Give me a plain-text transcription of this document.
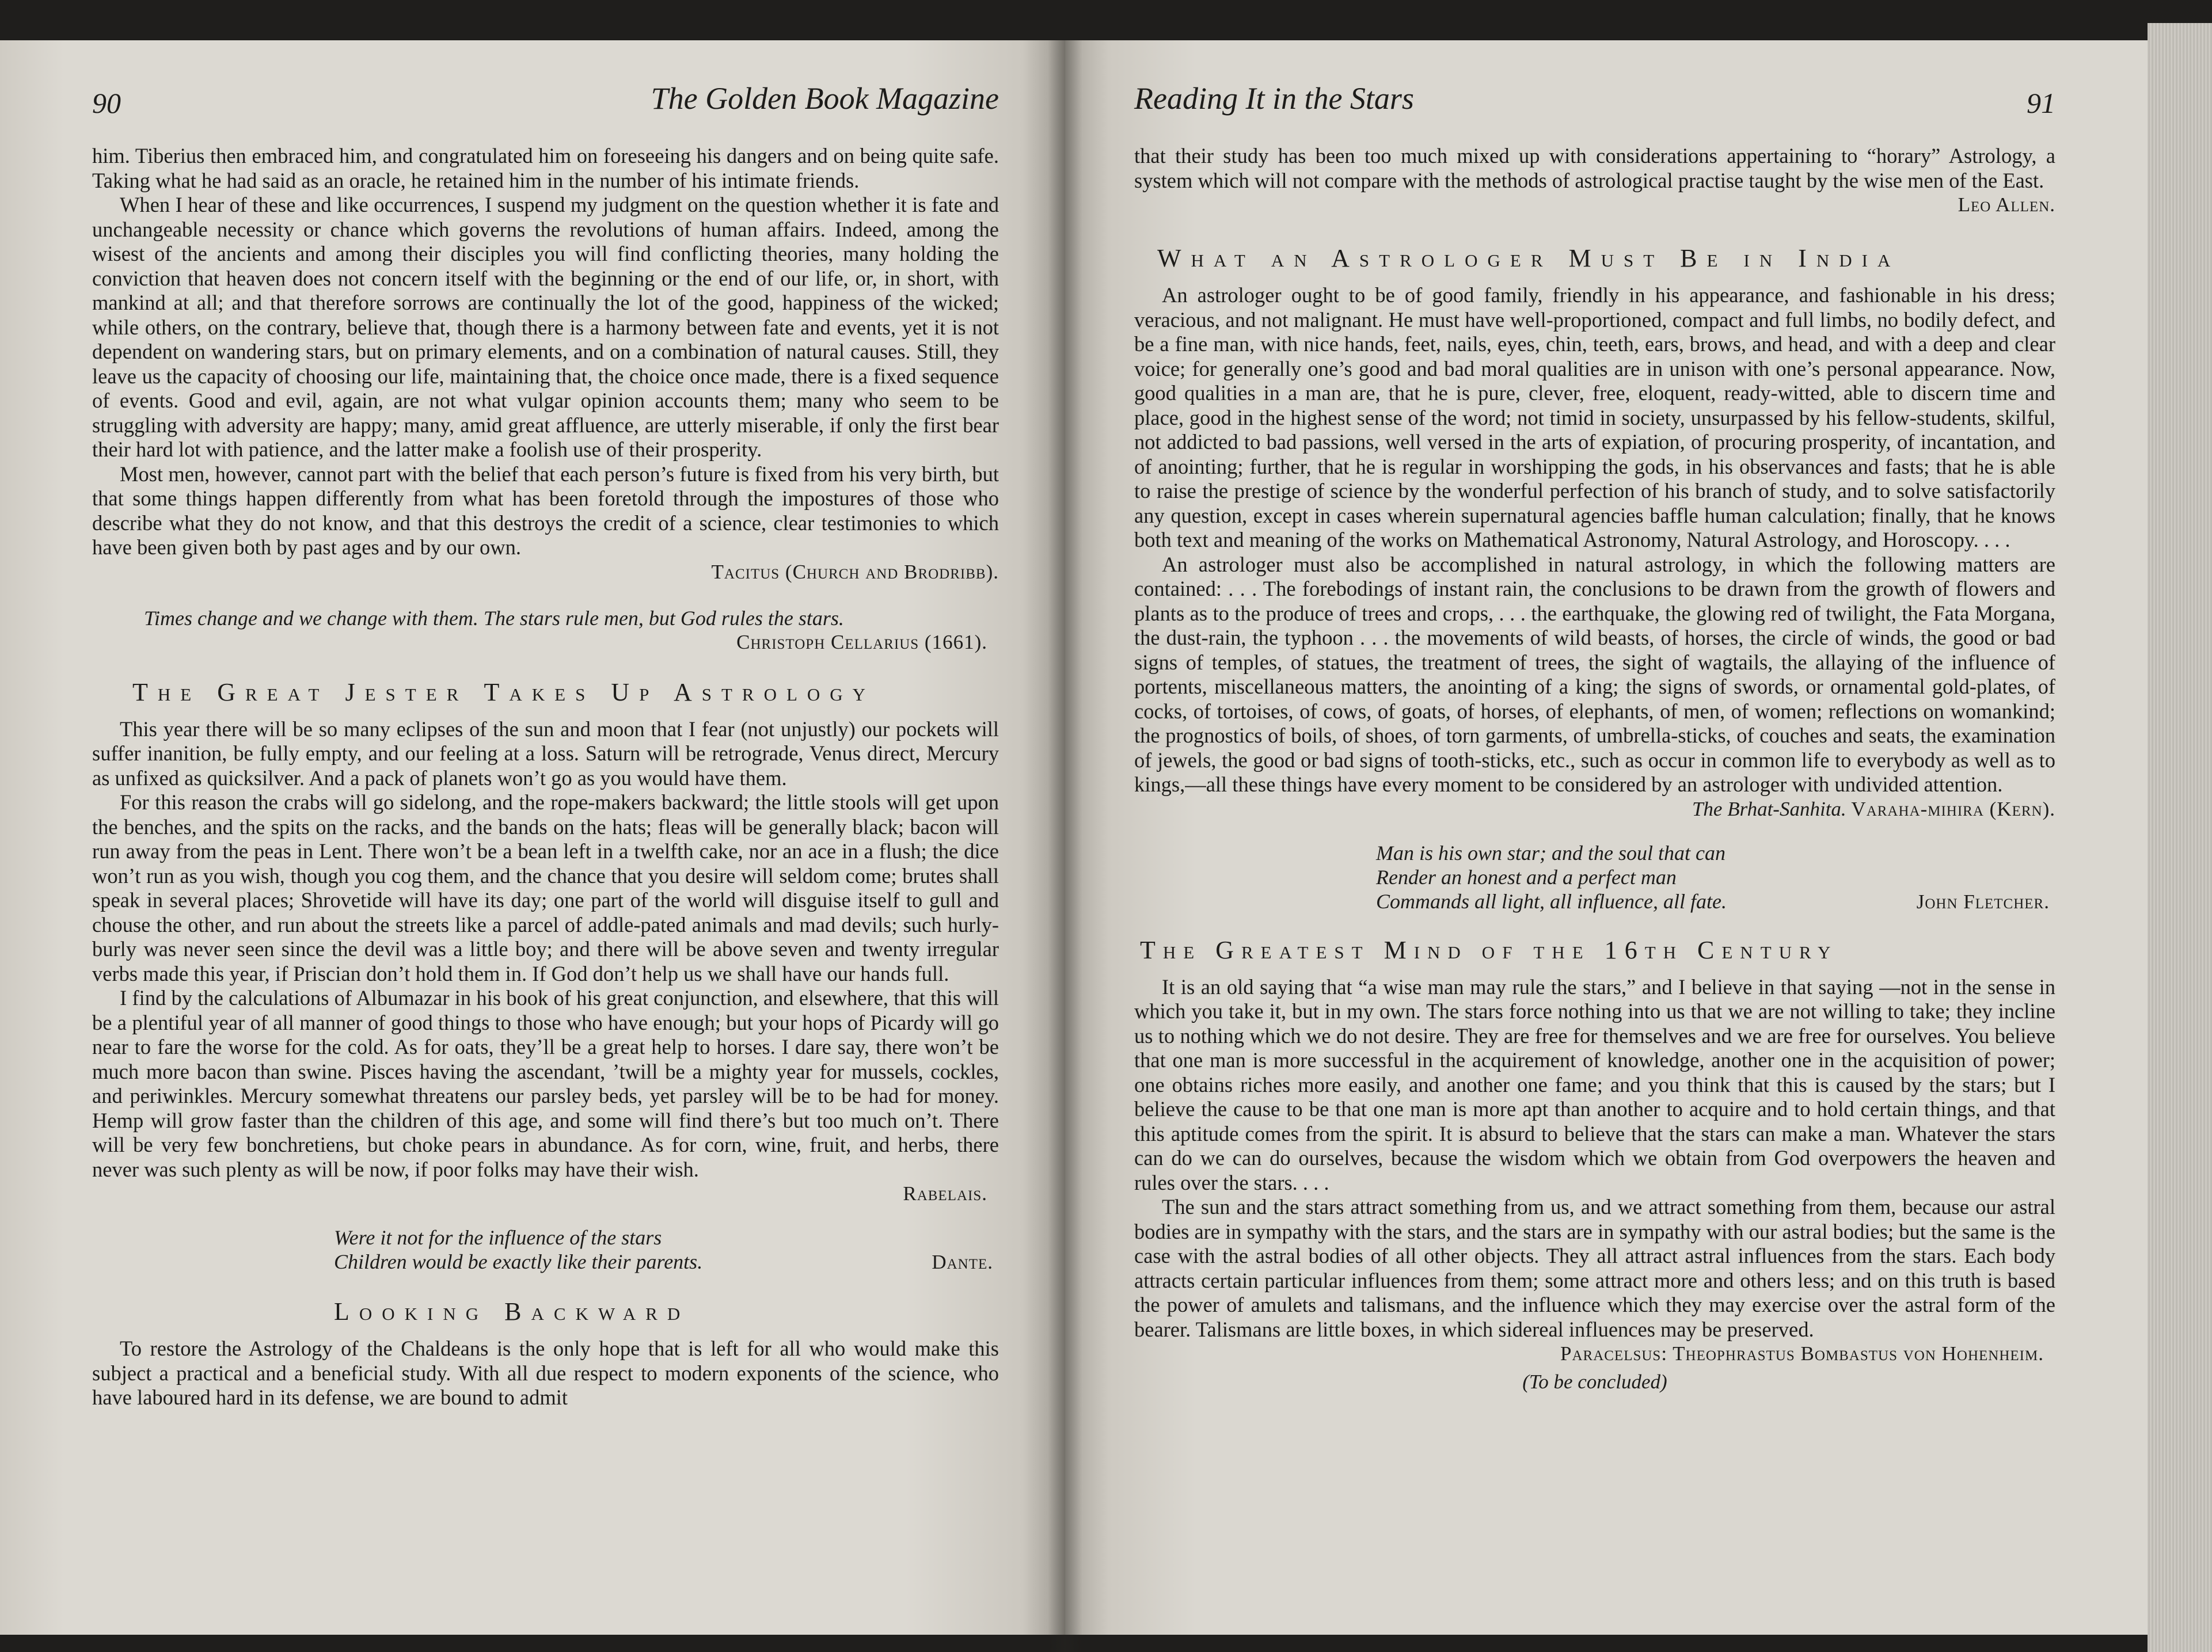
90	The Golden Book Magazine

him. Tiberius then embraced him, and congratulated him on foreseeing his dangers and on being quite safe. Taking what he had said as an oracle, he retained him in the number of his intimate friends.

When I hear of these and like occurrences, I suspend my judgment on the question whether it is fate and unchangeable necessity or chance which governs the revolutions of human affairs. Indeed, among the wisest of the ancients and among their disciples you will find conflicting theories, many holding the conviction that heaven does not concern itself with the beginning or the end of our life, or, in short, with mankind at all; and that therefore sorrows are continually the lot of the good, happiness of the wicked; while others, on the contrary, believe that, though there is a harmony between fate and events, yet it is not dependent on wandering stars, but on primary elements, and on a combination of natural causes. Still, they leave us the capacity of choosing our life, maintaining that, the choice once made, there is a fixed sequence of events. Good and evil, again, are not what vulgar opinion accounts them; many who seem to be struggling with adversity are happy; many, amid great affluence, are utterly miserable, if only the first bear their hard lot with patience, and the latter make a foolish use of their prosperity.

Most men, however, cannot part with the belief that each person’s future is fixed from his very birth, but that some things happen differently from what has been foretold through the impostures of those who describe what they do not know, and that this destroys the credit of a science, clear testimonies to which have been given both by past ages and by our own.

Tacitus (Church and Brodribb).
Times change and we change with them. The stars rule men, but God rules the stars.
Christoph Cellarius (1661).
The Great Jester Takes Up Astrology

This year there will be so many eclipses of the sun and moon that I fear (not unjustly) our pockets will suffer inanition, be fully empty, and our feeling at a loss. Saturn will be retrograde, Venus direct, Mercury as unfixed as quicksilver. And a pack of planets won’t go as you would have them.

For this reason the crabs will go sidelong, and the rope-makers backward; the little stools will get upon the benches, and the spits on the racks, and the bands on the hats; fleas will be generally black; bacon will run away from the peas in Lent. There won’t be a bean left in a twelfth cake, nor an ace in a flush; the dice won’t run as you wish, though you cog them, and the chance that you desire will seldom come; brutes shall speak in several places; Shrovetide will have its day; one part of the world will disguise itself to gull and chouse the other, and run about the streets like a parcel of addle-pated animals and mad devils; such hurly-burly was never seen since the devil was a little boy; and there will be above seven and twenty irregular verbs made this year, if Priscian don’t hold them in. If God don’t help us we shall have our hands full.

I find by the calculations of Albumazar in his book of his great conjunction, and elsewhere, that this will be a plentiful year of all manner of good things to those who have enough; but your hops of Picardy will go near to fare the worse for the cold. As for oats, they’ll be a great help to horses. I dare say, there won’t be much more bacon than swine. Pisces having the ascendant, ’twill be a mighty year for mussels, cockles, and periwinkles. Mercury somewhat threatens our parsley beds, yet parsley will be to be had for money. Hemp will grow faster than the children of this age, and some will find there’s but too much on’t. There will be very few bonchretiens, but choke pears in abundance. As for corn, wine, fruit, and herbs, there never was such plenty as will be now, if poor folks may have their wish.

Rabelais.
Were it not for the influence of the stars
Children would be exactly like their parents.	Dante.
Looking Backward

To restore the Astrology of the Chaldeans is the only hope that is left for all who would make this subject a practical and a beneficial study. With all due respect to modern exponents of the science, who have laboured hard in its defense, we are bound to admit

Reading It in the Stars	91

that their study has been too much mixed up with considerations appertaining to “horary” Astrology, a system which will not compare with the methods of astrological practise taught by the wise men of the East.

Leo Allen.
What an Astrologer Must Be in India

An astrologer ought to be of good family, friendly in his appearance, and fashionable in his dress; veracious, and not malignant. He must have well-proportioned, compact and full limbs, no bodily defect, and be a fine man, with nice hands, feet, nails, eyes, chin, teeth, ears, brows, and head, and with a deep and clear voice; for generally one’s good and bad moral qualities are in unison with one’s personal appearance. Now, good qualities in a man are, that he is pure, clever, free, eloquent, ready-witted, able to discern time and place, good in the highest sense of the word; not timid in society, unsurpassed by his fellow-students, skilful, not addicted to bad passions, well versed in the arts of expiation, of procuring prosperity, of incantation, and of anointing; further, that he is regular in worshipping the gods, in his observances and fasts; that he is able to raise the prestige of science by the wonderful perfection of his branch of study, and to solve satisfactorily any question, except in cases wherein supernatural agencies baffle human calculation; finally, that he knows both text and meaning of the works on Mathematical Astronomy, Natural Astrology, and Horoscopy. . . .

An astrologer must also be accomplished in natural astrology, in which the following matters are contained: . . . The forebodings of instant rain, the conclusions to be drawn from the growth of flowers and plants as to the produce of trees and crops, . . . the earthquake, the glowing red of twilight, the Fata Morgana, the dust-rain, the typhoon . . . the movements of wild beasts, of horses, the circle of winds, the good or bad signs of temples, of statues, the treatment of trees, the sight of wagtails, the allaying of the influence of portents, miscellaneous matters, the anointing of a king; the signs of swords, or ornamental gold-plates, of cocks, of tortoises, of cows, of goats, of horses, of elephants, of men, of women; reflections on womankind; the prognostics of boils, of shoes, of torn garments, of umbrella-sticks, of couches and seats, the examination of jewels, the good or bad signs of tooth-sticks, etc., such as occur in common life to everybody as well as to kings,—all these things have every moment to be considered by an astrologer with undivided attention.

The Brhat-Sanhita. Varaha-mihira (Kern).
Man is his own star; and the soul that can
Render an honest and a perfect man
Commands all light, all influence, all fate.	John Fletcher.
The Greatest Mind of the 16th Century

It is an old saying that “a wise man may rule the stars,” and I believe in that saying —not in the sense in which you take it, but in my own. The stars force nothing into us that we are not willing to take; they incline us to nothing which we do not desire. They are free for themselves and we are free for ourselves. You believe that one man is more successful in the acquirement of knowledge, another one in the acquisition of power; one obtains riches more easily, and another one fame; and you think that this is caused by the stars; but I believe the cause to be that one man is more apt than another to acquire and to hold certain things, and that this aptitude comes from the spirit. It is absurd to believe that the stars can make a man. Whatever the stars can do we can do ourselves, because the wisdom which we obtain from God overpowers the heaven and rules over the stars. . . .

The sun and the stars attract something from us, and we attract something from them, because our astral bodies are in sympathy with the stars, and the stars are in sympathy with our astral bodies; but the same is the case with the astral bodies of all other objects. They all attract astral influences from the stars. Each body attracts certain particular influences from them; some attract more and others less; and on this truth is based the power of amulets and talismans, and the influence which they may exercise over the astral form of the bearer. Talismans are little boxes, in which sidereal influences may be preserved.

Paracelsus: Theophrastus Bombastus von Hohenheim.
(To be concluded)
